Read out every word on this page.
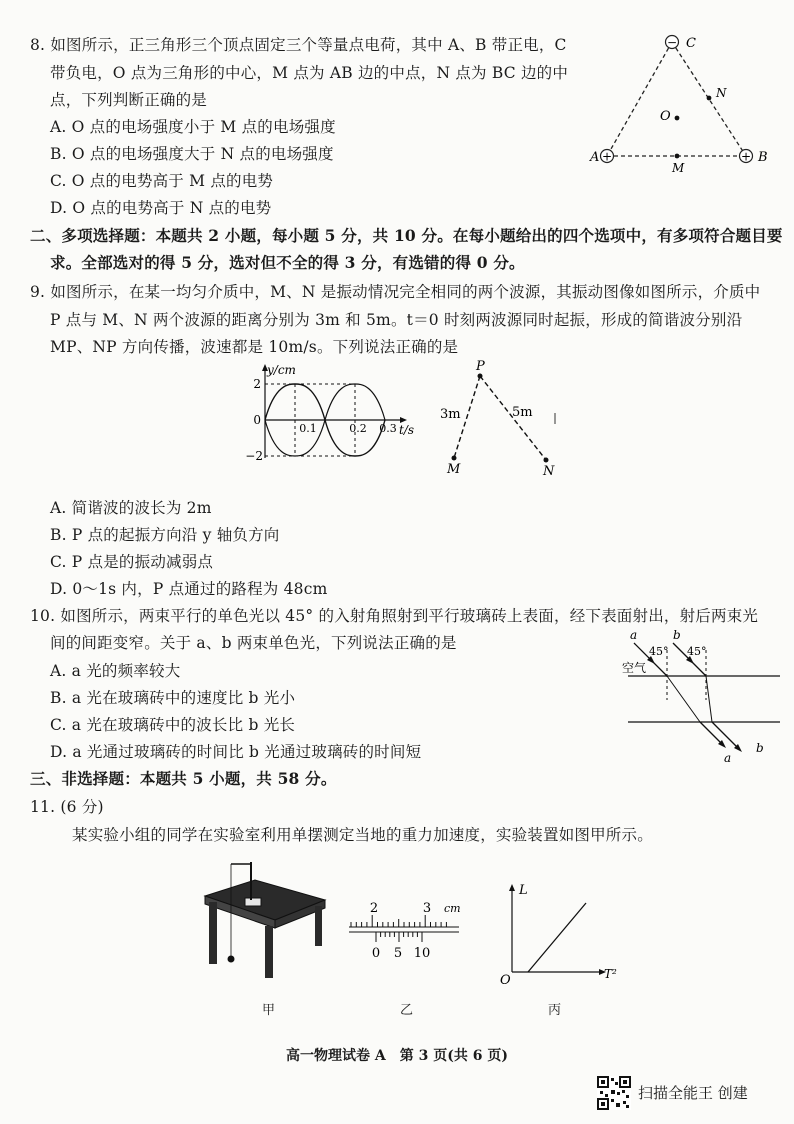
8. 如图所示，正三角形三个顶点固定三个等量点电荷，其中 A、B 带正电，C
带负电，O 点为三角形的中心，M 点为 AB 边的中点，N 点为 BC 边的中
点，下列判断正确的是
A. O 点的电场强度小于 M 点的电场强度
B. O 点的电场强度大于 N 点的电场强度
C. O 点的电势高于 M 点的电势
D. O 点的电势高于 N 点的电势
−
+	+
C
A	B
O
M
N
二、多项选择题：本题共 2 小题，每小题 5 分，共 10 分。在每小题给出的四个选项中，有多项符合题目要
求。全部选对的得 5 分，选对但不全的得 3 分，有选错的得 0 分。
9. 如图所示，在某一均匀介质中，M、N 是振动情况完全相同的两个波源，其振动图像如图所示，介质中
P 点与 M、N 两个波源的距离分别为 3m 和 5m。t＝0 时刻两波源同时起振，形成的简谐波分别沿
MP、NP 方向传播，波速都是 10m/s。下列说法正确的是
y/cm
t/s
2
0
−2
0.1	0.2 0.3
P
M	N
3m	5m
A. 简谐波的波长为 2m
B. P 点的起振方向沿 y 轴负方向
C. P 点是的振动减弱点
D. 0～1s 内，P 点通过的路程为 48cm
10. 如图所示，两束平行的单色光以 45° 的入射角照射到平行玻璃砖上表面，经下表面射出，射后两束光
间的间距变窄。关于 a、b 两束单色光，下列说法正确的是
A. a 光的频率较大
B. a 光在玻璃砖中的速度比 b 光小
C. a 光在玻璃砖中的波长比 b 光长
D. a 光通过玻璃砖的时间比 b 光通过玻璃砖的时间短
a	b
45° 45°
空气
a
b
三、非选择题：本题共 5 小题，共 58 分。
11. (6 分)
某实验小组的同学在实验室利用单摆测定当地的重力加速度，实验装置如图甲所示。
2	3 cm
0 5 10
L
T²
O
甲	乙	丙
高一物理试卷 A　第 3 页(共 6 页)
扫描全能王 创建
